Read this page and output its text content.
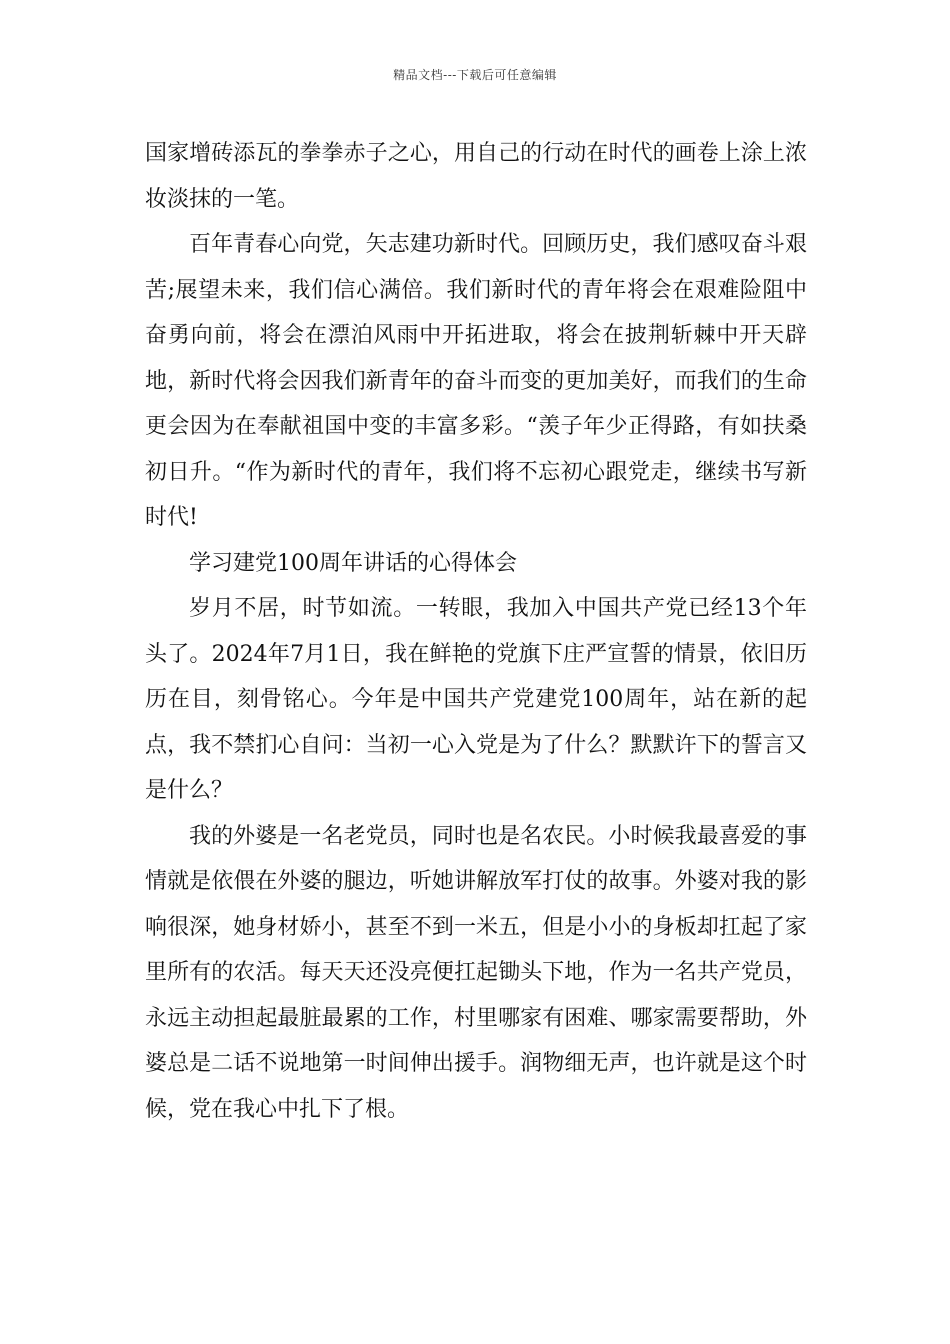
精品文档---下载后可任意编辑

国家增砖添瓦的拳拳赤子之心，用自己的行动在时代的画卷上涂上浓妆淡抹的一笔。

百年青春心向党，矢志建功新时代。回顾历史，我们感叹奋斗艰苦;展望未来，我们信心满倍。我们新时代的青年将会在艰难险阻中奋勇向前，将会在漂泊风雨中开拓进取，将会在披荆斩棘中开天辟地，新时代将会因我们新青年的奋斗而变的更加美好，而我们的生命更会因为在奉献祖国中变的丰富多彩。“羡子年少正得路，有如扶桑初日升。“作为新时代的青年，我们将不忘初心跟党走，继续书写新时代!

学习建党100周年讲话的心得体会

岁月不居，时节如流。一转眼，我加入中国共产党已经13个年头了。2024年7月1日，我在鲜艳的党旗下庄严宣誓的情景，依旧历历在目，刻骨铭心。今年是中国共产党建党100周年，站在新的起点，我不禁扪心自问：当初一心入党是为了什么？默默许下的誓言又是什么？

我的外婆是一名老党员，同时也是名农民。小时候我最喜爱的事情就是依偎在外婆的腿边，听她讲解放军打仗的故事。外婆对我的影响很深，她身材娇小，甚至不到一米五，但是小小的身板却扛起了家里所有的农活。每天天还没亮便扛起锄头下地，作为一名共产党员，永远主动担起最脏最累的工作，村里哪家有困难、哪家需要帮助，外婆总是二话不说地第一时间伸出援手。润物细无声，也许就是这个时候，党在我心中扎下了根。
